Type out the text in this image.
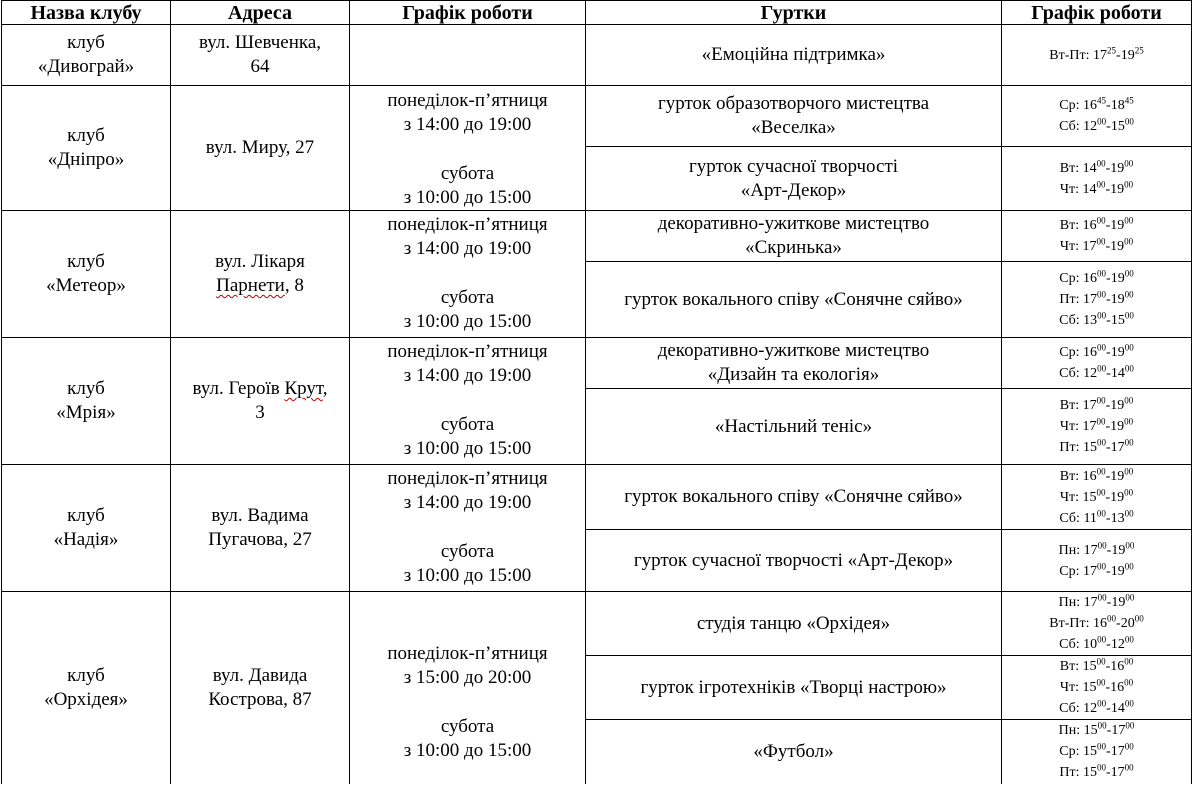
Назва клубу	Адреса	Графік роботи	Гуртки	Графік роботи

клуб
«Дивограй»	вул. Шевченка,
64		«Емоційна підтримка»	Вт-Пт: $17^{25}-19^{25}$

клуб
«Дніпро»	вул. Миру, 27	понеділок-п’ятниця
з 14:00 до 19:00
субота
з 10:00 до 15:00	гурток образотворчого мистецтва
«Веселка»	Ср: $16^{45}-18^{45}$
Сб: $12^{00}-15^{00}$

			гурток сучасної творчості
«Арт-Декор»	Вт: $14^{00}-19^{00}$
Чт: $14^{00}-19^{00}$

клуб
«Метеор»	вул. Лікаря
Парнети, 8	понеділок-п’ятниця
з 14:00 до 19:00
субота
з 10:00 до 15:00	декоративно-ужиткове мистецтво
«Скринька»	Вт: $16^{00}-19^{00}$
Чт: $17^{00}-19^{00}$

			гурток вокального співу «Сонячне сяйво»	Ср: $16^{00}-19^{00}$
Пт: $17^{00}-19^{00}$
Сб: $13^{00}-15^{00}$

клуб
«Мрія»	вул. Героїв Крут,
3	понеділок-п’ятниця
з 14:00 до 19:00
субота
з 10:00 до 15:00	декоративно-ужиткове мистецтво
«Дизайн та екологія»	Ср: $16^{00}-19^{00}$
Сб: $12^{00}-14^{00}$

			«Настільний теніс»	Вт: $17^{00}-19^{00}$
Чт: $17^{00}-19^{00}$
Пт: $15^{00}-17^{00}$

клуб
«Надія»	вул. Вадима
Пугачова, 27	понеділок-п’ятниця
з 14:00 до 19:00
субота
з 10:00 до 15:00	гурток вокального співу «Сонячне сяйво»	Вт: $16^{00}-19^{00}$
Чт: $15^{00}-19^{00}$
Сб: $11^{00}-13^{00}$

			гурток сучасної творчості «Арт-Декор»	Пн: $17^{00}-19^{00}$
Ср: $17^{00}-19^{00}$

клуб
«Орхідея»	вул. Давида
Кострова, 87	понеділок-п’ятниця
з 15:00 до 20:00
субота
з 10:00 до 15:00	студія танцю «Орхідея»	Пн: $17^{00}-19^{00}$
Вт-Пт: $16^{00}-20^{00}$
Сб: $10^{00}-12^{00}$

			гурток ігротехніків «Творці настрою»	Вт: $15^{00}-16^{00}$
Чт: $15^{00}-16^{00}$
Сб: $12^{00}-14^{00}$

			«Футбол»	Пн: $15^{00}-17^{00}$
Ср: $15^{00}-17^{00}$
Пт: $15^{00}-17^{00}$
